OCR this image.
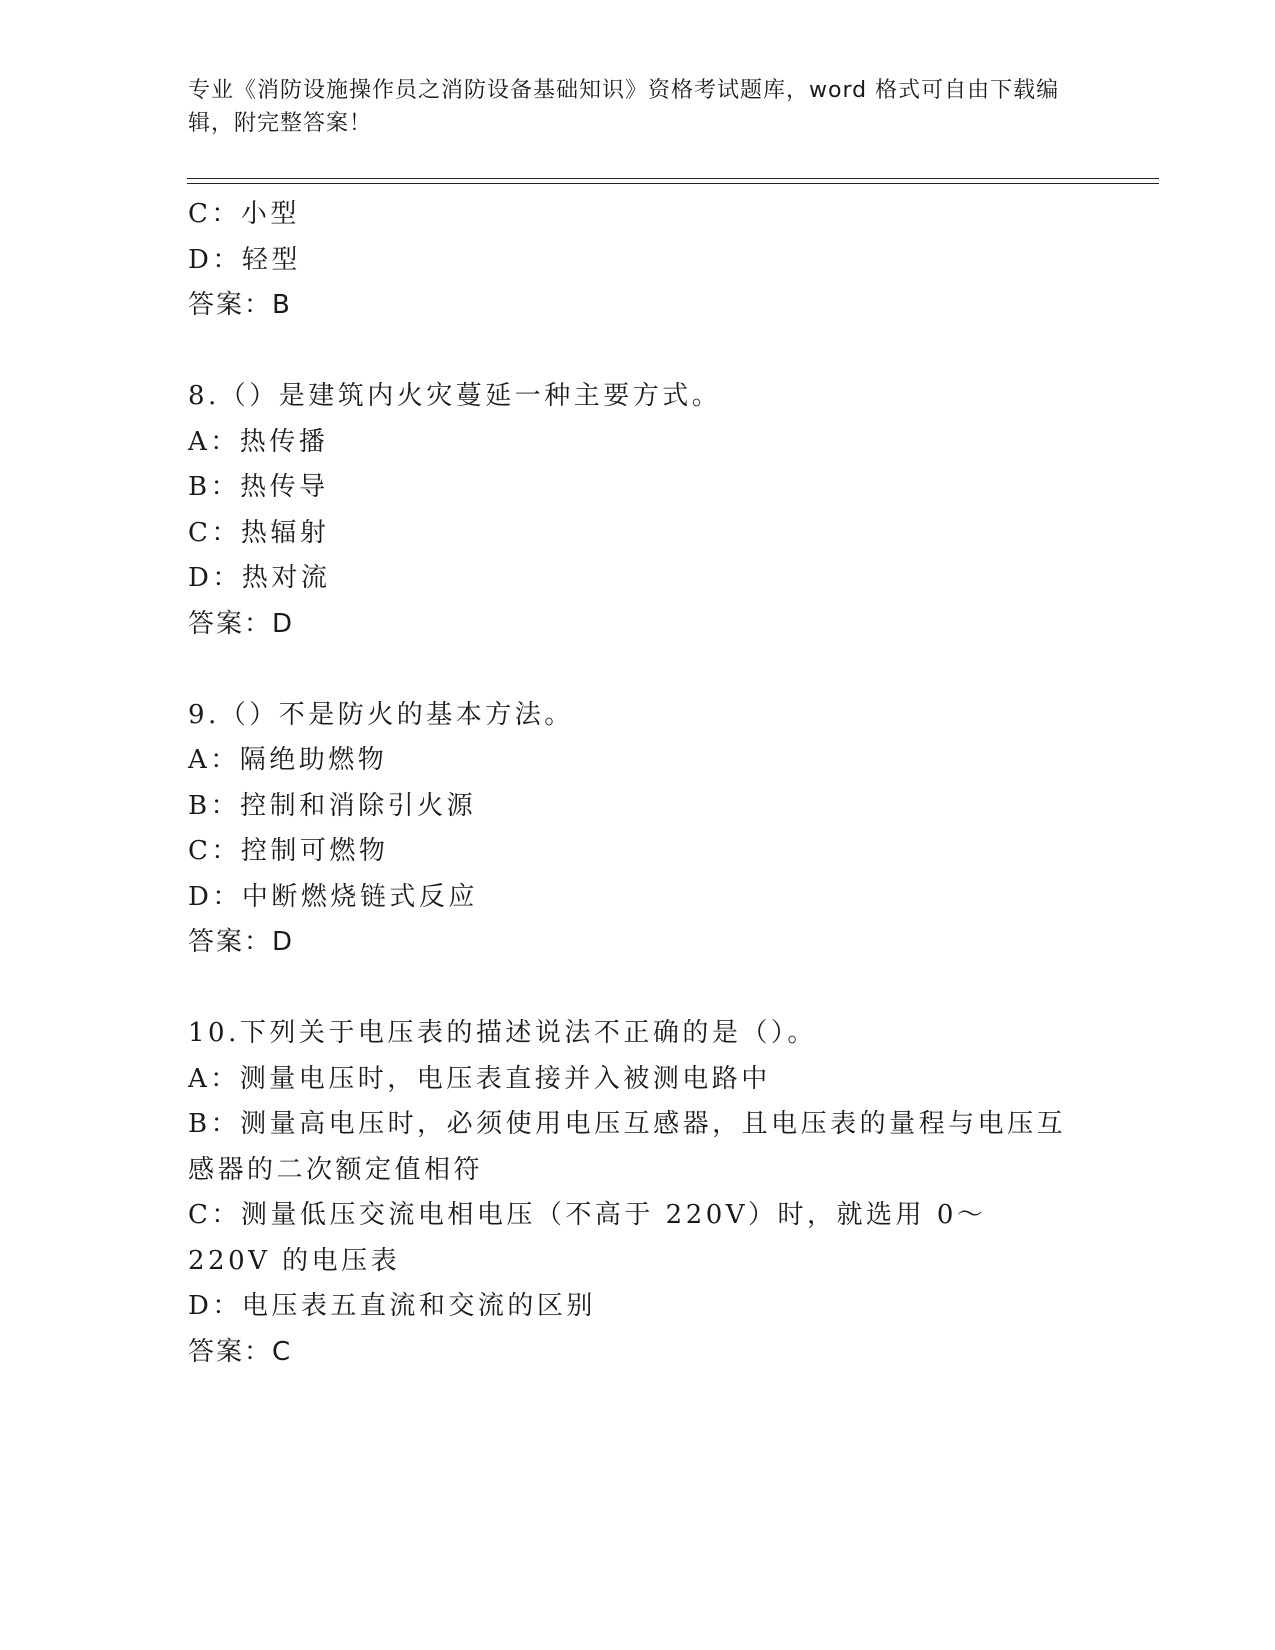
专业《消防设施操作员之消防设备基础知识》资格考试题库，word 格式可自由下载编辑，附完整答案！
C：小型
D：轻型
答案：B
8.（）是建筑内火灾蔓延一种主要方式。
A：热传播
B：热传导
C：热辐射
D：热对流
答案：D
9.（）不是防火的基本方法。
A：隔绝助燃物
B：控制和消除引火源
C：控制可燃物
D：中断燃烧链式反应
答案：D
10.下列关于电压表的描述说法不正确的是（）。
A：测量电压时，电压表直接并入被测电路中
B：测量高电压时，必须使用电压互感器，且电压表的量程与电压互感器的二次额定值相符
C：测量低压交流电相电压（不高于 220V）时，就选用 0～220V 的电压表
D：电压表五直流和交流的区别
答案：C
